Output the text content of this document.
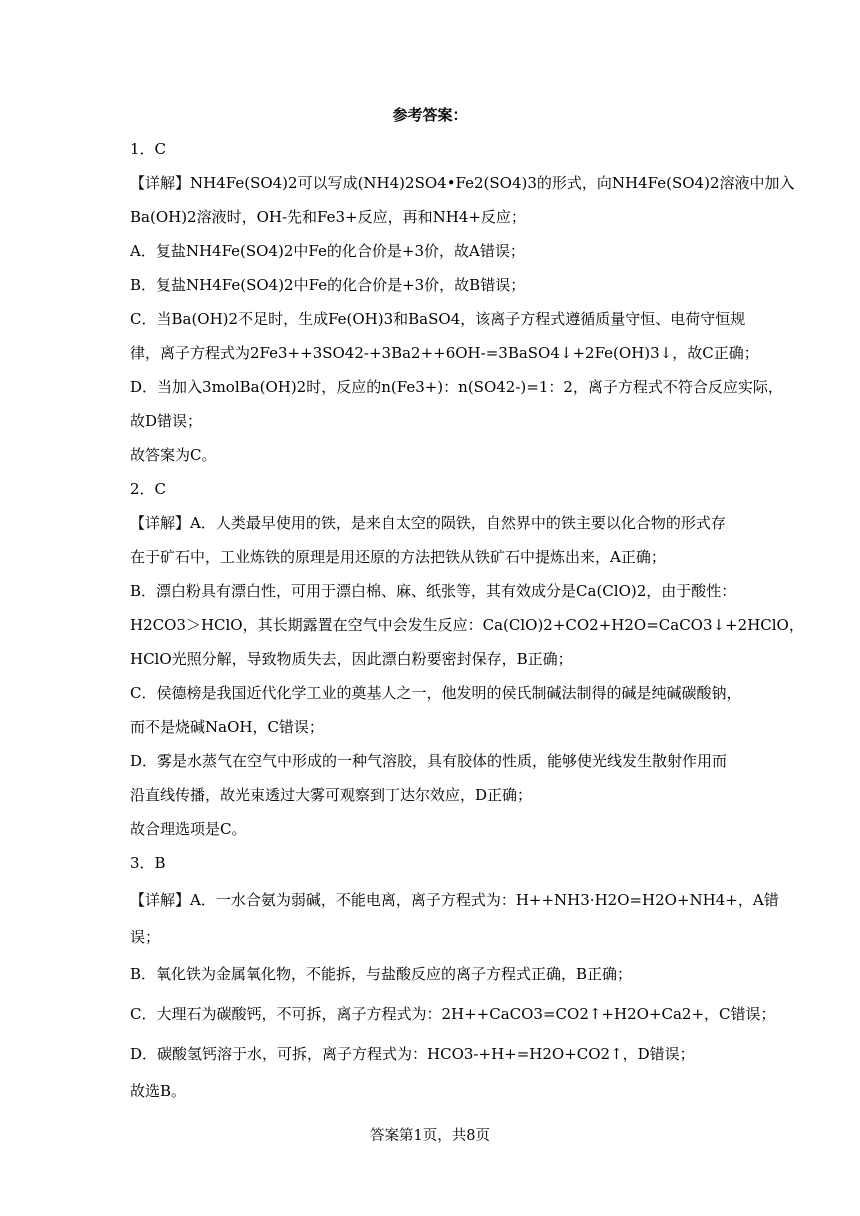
参考答案：
1．C
【详解】NH4Fe(SO4)2可以写成(NH4)2SO4•Fe2(SO4)3的形式，向NH4Fe(SO4)2溶液中加入
Ba(OH)2溶液时，OH-先和Fe3+反应，再和NH4+反应；
A．复盐NH4Fe(SO4)2中Fe的化合价是+3价，故A错误；
B．复盐NH4Fe(SO4)2中Fe的化合价是+3价，故B错误；
C．当Ba(OH)2不足时，生成Fe(OH)3和BaSO4，该离子方程式遵循质量守恒、电荷守恒规
律，离子方程式为2Fe3++3SO42-+3Ba2++6OH-=3BaSO4↓+2Fe(OH)3↓，故C正确；
D．当加入3molBa(OH)2时，反应的n(Fe3+)：n(SO42-)=1：2，离子方程式不符合反应实际，
故D错误；
故答案为C。
2．C
【详解】A．人类最早使用的铁，是来自太空的陨铁，自然界中的铁主要以化合物的形式存
在于矿石中，工业炼铁的原理是用还原的方法把铁从铁矿石中提炼出来，A正确；
B．漂白粉具有漂白性，可用于漂白棉、麻、纸张等，其有效成分是Ca(ClO)2，由于酸性：
H2CO3＞HClO，其长期露置在空气中会发生反应：Ca(ClO)2+CO2+H2O=CaCO3↓+2HClO，
HClO光照分解，导致物质失去，因此漂白粉要密封保存，B正确；
C．侯德榜是我国近代化学工业的奠基人之一，他发明的侯氏制碱法制得的碱是纯碱碳酸钠，
而不是烧碱NaOH，C错误；
D．雾是水蒸气在空气中形成的一种气溶胶，具有胶体的性质，能够使光线发生散射作用而
沿直线传播，故光束透过大雾可观察到丁达尔效应，D正确；
故合理选项是C。
3．B
【详解】A．一水合氨为弱碱，不能电离，离子方程式为：H++NH3·H2O=H2O+NH4+，A错
误；
B．氧化铁为金属氧化物，不能拆，与盐酸反应的离子方程式正确，B正确；
C．大理石为碳酸钙，不可拆，离子方程式为：2H++CaCO3=CO2↑+H2O+Ca2+，C错误；
D．碳酸氢钙溶于水，可拆，离子方程式为：HCO3-+H+=H2O+CO2↑，D错误；
故选B。
答案第1页，共8页
